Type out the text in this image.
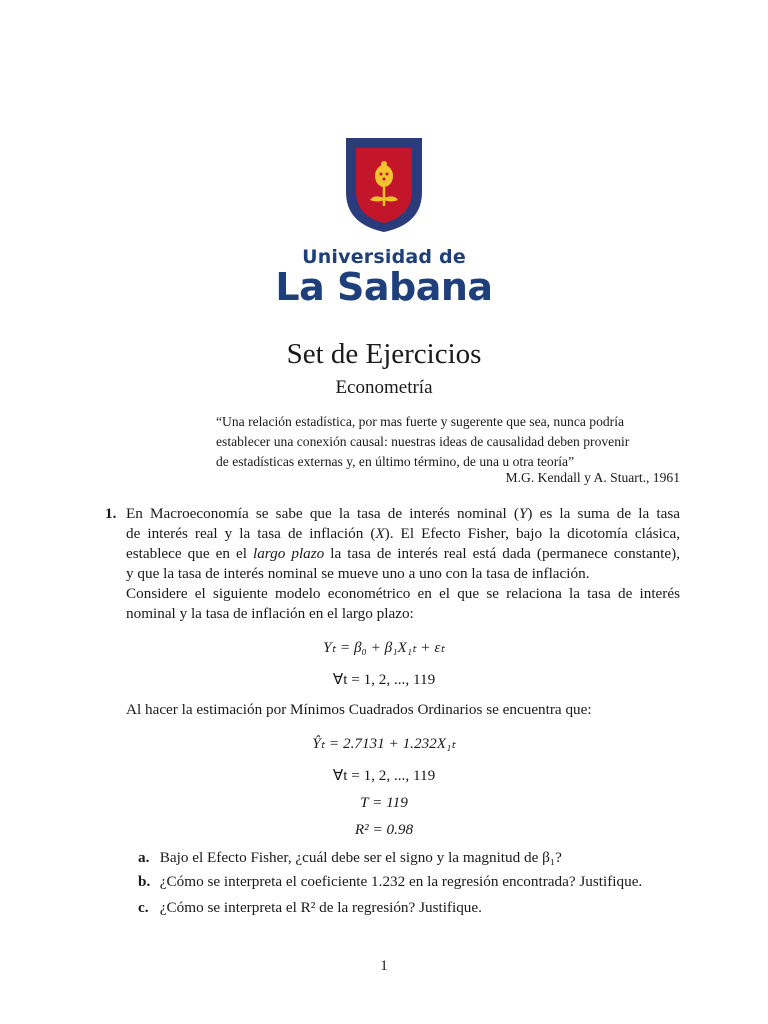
Universidad de
La Sabana
Set de Ejercicios
Econometría
“Una relación estadística, por mas fuerte y sugerente que sea, nunca podría
establecer una conexión causal: nuestras ideas de causalidad deben provenir
de estadísticas externas y, en último término, de una u otra teoría”
M.G. Kendall y A. Stuart., 1961
1. En Macroeconomía se sabe que la tasa de interés nominal (Y) es la suma de la tasa
de interés real y la tasa de inflación (X). El Efecto Fisher, bajo la dicotomía clásica,
establece que en el largo plazo la tasa de interés real está dada (permanece constante),
y que la tasa de interés nominal se mueve uno a uno con la tasa de inflación.
Considere el siguiente modelo econométrico en el que se relaciona la tasa de interés
nominal y la tasa de inflación en el largo plazo:
Yₜ = β₀ + β₁X₁ₜ + εₜ
∀t = 1, 2, ..., 119
Al hacer la estimación por Mínimos Cuadrados Ordinarios se encuentra que:
Ŷₜ = 2.7131 + 1.232X₁ₜ
∀t = 1, 2, ..., 119
T = 119
R² = 0.98
a. Bajo el Efecto Fisher, ¿cuál debe ser el signo y la magnitud de β₁?
b. ¿Cómo se interpreta el coeficiente 1.232 en la regresión encontrada? Justifique.
c. ¿Cómo se interpreta el R² de la regresión? Justifique.
1
